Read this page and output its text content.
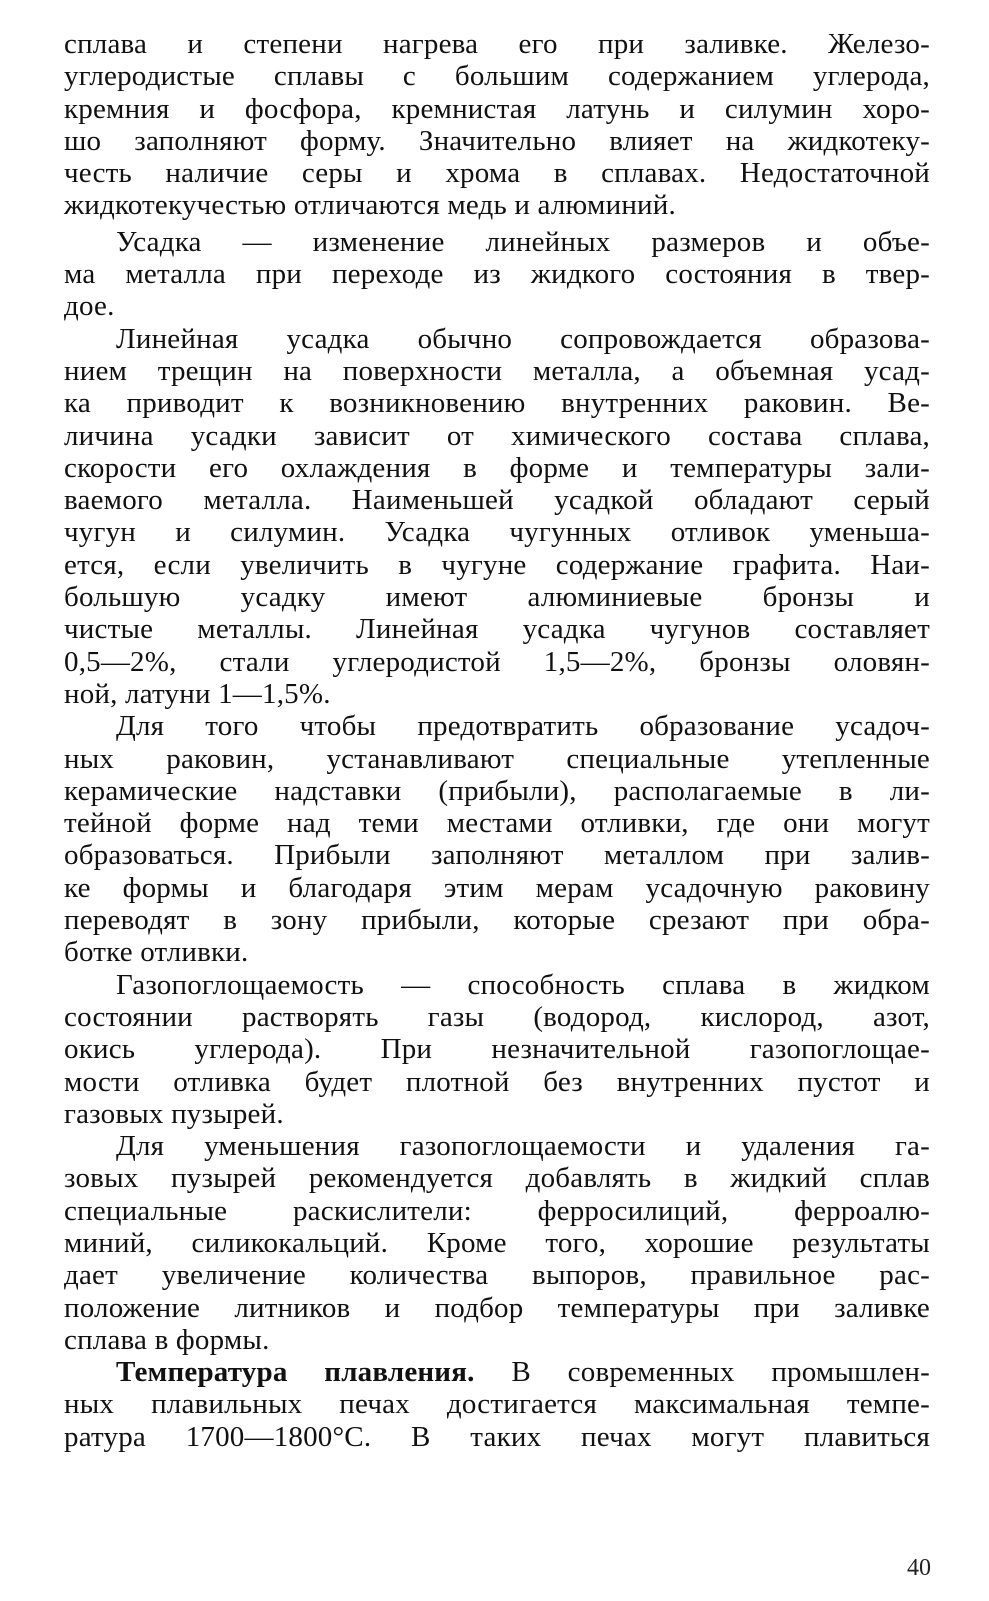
сплава и степени нагрева его при заливке. Железо-
углеродистые сплавы с большим содержанием углерода,
кремния и фосфора, кремнистая латунь и силумин хоро-
шо заполняют форму. Значительно влияет на жидкотеку-
честь наличие серы и хрома в сплавах. Недостаточной
жидкотекучестью отличаются медь и алюминий.
Усадка — изменение линейных размеров и объе-
ма металла при переходе из жидкого состояния в твер-
дое.
Линейная усадка обычно сопровождается образова-
нием трещин на поверхности металла, а объемная усад-
ка приводит к возникновению внутренних раковин. Ве-
личина усадки зависит от химического состава сплава,
скорости его охлаждения в форме и температуры зали-
ваемого металла. Наименьшей усадкой обладают серый
чугун и силумин. Усадка чугунных отливок уменьша-
ется, если увеличить в чугуне содержание графита. Наи-
большую усадку имеют алюминиевые бронзы и
чистые металлы. Линейная усадка чугунов составляет
0,5—2%, стали углеродистой 1,5—2%, бронзы оловян-
ной, латуни 1—1,5%.
Для того чтобы предотвратить образование усадоч-
ных раковин, устанавливают специальные утепленные
керамические надставки (прибыли), располагаемые в ли-
тейной форме над теми местами отливки, где они могут
образоваться. Прибыли заполняют металлом при залив-
ке формы и благодаря этим мерам усадочную раковину
переводят в зону прибыли, которые срезают при обра-
ботке отливки.
Газопоглощаемость — способность сплава в жидком
состоянии растворять газы (водород, кислород, азот,
окись углерода). При незначительной газопоглощае-
мости отливка будет плотной без внутренних пустот и
газовых пузырей.
Для уменьшения газопоглощаемости и удаления га-
зовых пузырей рекомендуется добавлять в жидкий сплав
специальные раскислители: ферросилиций, ферроалю-
миний, силикокальций. Кроме того, хорошие результаты
дает увеличение количества выпоров, правильное рас-
положение литников и подбор температуры при заливке
сплава в формы.
Температура плавления. В современных промышлен-
ных плавильных печах достигается максимальная темпе-
ратура 1700—1800°С. В таких печах могут плавиться
40
